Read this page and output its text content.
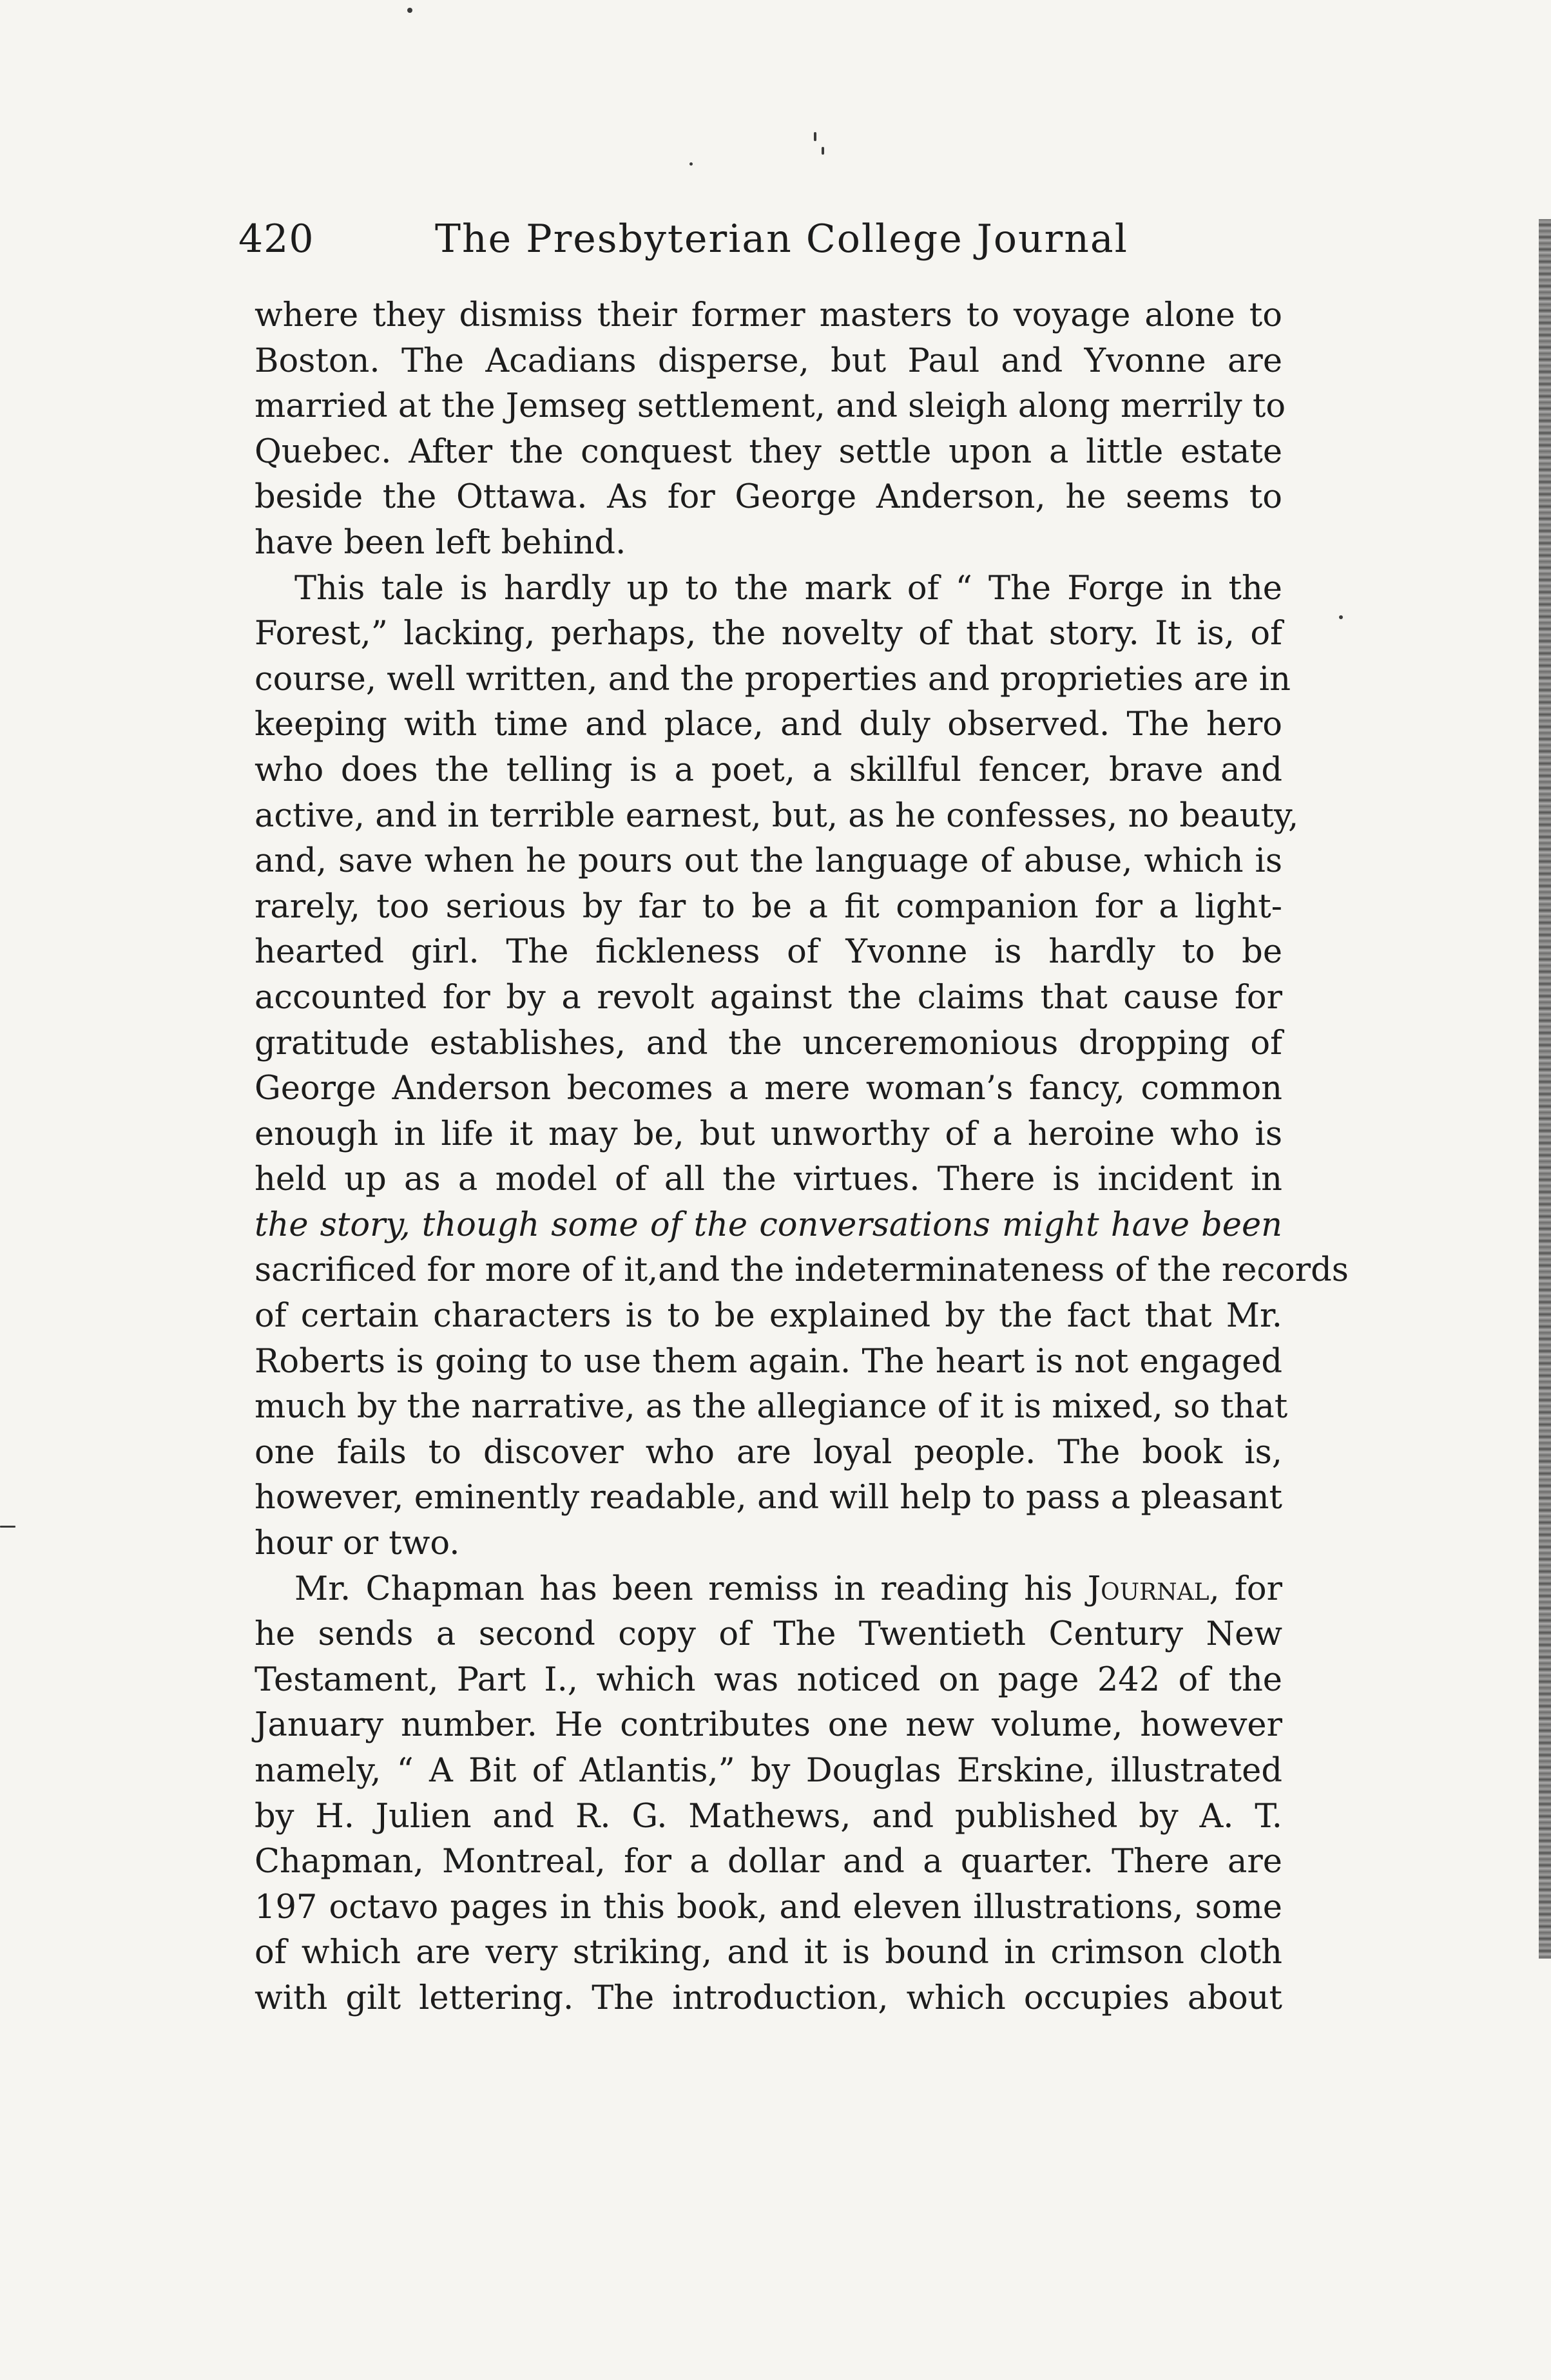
420	The Presbyterian College Journal
where they dismiss their former masters to voyage alone to
Boston. The Acadians disperse, but Paul and Yvonne are
married at the Jemseg settlement, and sleigh along merrily to
Quebec. After the conquest they settle upon a little estate
beside the Ottawa. As for George Anderson, he seems to
have been left behind.
This tale is hardly up to the mark of “ The Forge in the
Forest,” lacking, perhaps, the novelty of that story. It is, of
course, well written, and the properties and proprieties are in
keeping with time and place, and duly observed. The hero
who does the telling is a poet, a skillful fencer, brave and
active, and in terrible earnest, but, as he confesses, no beauty,
and, save when he pours out the language of abuse, which is
rarely, too serious by far to be a fit companion for a light-
hearted girl. The fickleness of Yvonne is hardly to be
accounted for by a revolt against the claims that cause for
gratitude establishes, and the unceremonious dropping of
George Anderson becomes a mere woman’s fancy, common
enough in life it may be, but unworthy of a heroine who is
held up as a model of all the virtues. There is incident in
the story, though some of the conversations might have been
sacrificed for more of it,and the indeterminateness of the records
of certain characters is to be explained by the fact that Mr.
Roberts is going to use them again. The heart is not engaged
much by the narrative, as the allegiance of it is mixed, so that
one fails to discover who are loyal people. The book is,
however, eminently readable, and will help to pass a pleasant
hour or two.
Mr. Chapman has been remiss in reading his Journal, for
he sends a second copy of The Twentieth Century New
Testament, Part I., which was noticed on page 242 of the
January number. He contributes one new volume, however
namely, “ A Bit of Atlantis,” by Douglas Erskine, illustrated
by H. Julien and R. G. Mathews, and published by A. T.
Chapman, Montreal, for a dollar and a quarter. There are
197 octavo pages in this book, and eleven illustrations, some
of which are very striking, and it is bound in crimson cloth
with gilt lettering. The introduction, which occupies about
